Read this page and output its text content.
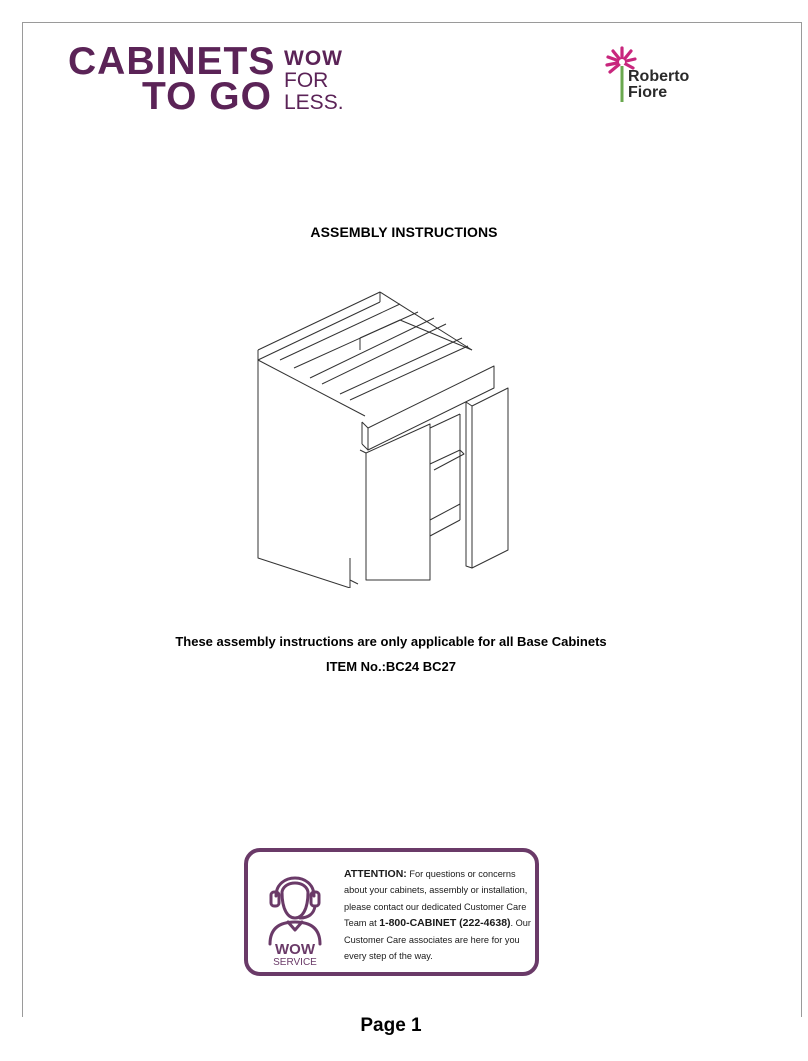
CABINETS
TO GO
WOW
FOR
LESS.
Roberto
Fiore
ASSEMBLY INSTRUCTIONS
These assembly instructions are only applicable for all Base Cabinets
ITEM No.:BC24 BC27
WOW
SERVICE
ATTENTION: For questions or concerns about your cabinets, assembly or installation, please contact our dedicated Customer Care Team at 1-800-CABINET (222-4638). Our Customer Care associates are here for you every step of the way.
Page 1
